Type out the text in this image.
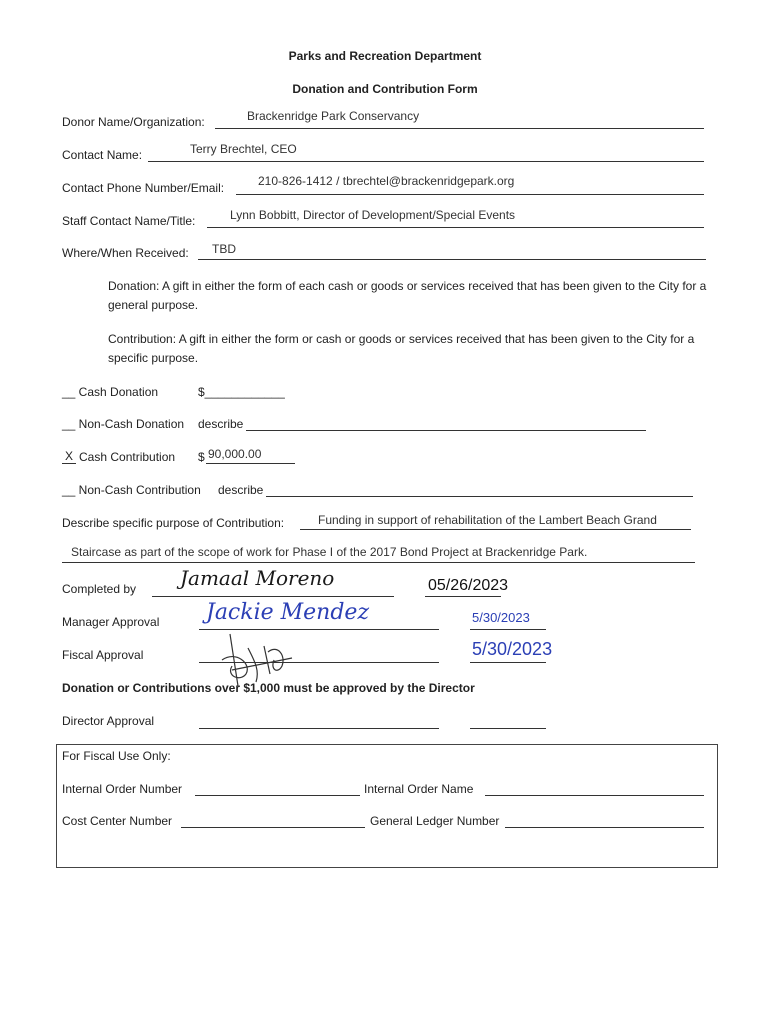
Parks and Recreation Department
Donation and Contribution Form
Donor Name/Organization:	Brackenridge Park Conservancy
Contact Name:	Terry Brechtel, CEO
Contact Phone Number/Email:	210-826-1412 / tbrechtel@brackenridgepark.org
Staff Contact Name/Title:	Lynn Bobbitt, Director of Development/Special Events
Where/When Received: TBD
Donation: A gift in either the form of each cash or goods or services received that has been given to the City for a general purpose.
Contribution: A gift in either the form or cash or goods or services received that has been given to the City for a specific purpose.
__ Cash Donation	$____________
__ Non-Cash Donation describe
X Cash Contribution $ 90,000.00
__ Non-Cash Contribution describe
Describe specific purpose of Contribution:	Funding in support of rehabilitation of the Lambert Beach Grand
Staircase as part of the scope of work for Phase I of the 2017 Bond Project at Brackenridge Park.
Completed by Jamaal Moreno	05/26/2023
Manager Approval Jackie Mendez	5/30/2023
Fiscal Approval	5/30/2023
Donation or Contributions over $1,000 must be approved by the Director
Director Approval
For Fiscal Use Only:
Internal Order Number	Internal Order Name
Cost Center Number	General Ledger Number
